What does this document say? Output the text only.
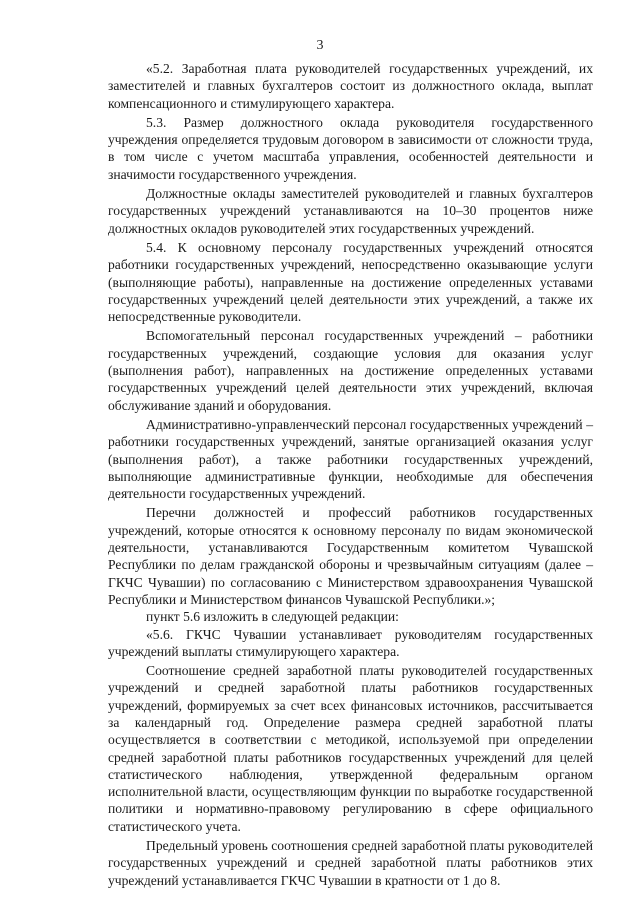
3

«5.2. Заработная плата руководителей государственных учреждений, их заместителей и главных бухгалтеров состоит из должностного оклада, выплат компенсационного и стимулирующего характера.

5.3. Размер должностного оклада руководителя государственного учреждения определяется трудовым договором в зависимости от сложности труда, в том числе с учетом масштаба управления, особенностей деятельности и значимости государственного учреждения.

Должностные оклады заместителей руководителей и главных бухгалтеров государственных учреждений устанавливаются на 10–30 процентов ниже должностных окладов руководителей этих государственных учреждений.

5.4. К основному персоналу государственных учреждений относятся работники государственных учреждений, непосредственно оказывающие услуги (выполняющие работы), направленные на достижение определенных уставами государственных учреждений целей деятельности этих учреждений, а также их непосредственные руководители.

Вспомогательный персонал государственных учреждений – работники государственных учреждений, создающие условия для оказания услуг (выполнения работ), направленных на достижение определенных уставами государственных учреждений целей деятельности этих учреждений, включая обслуживание зданий и оборудования.

Административно-управленческий персонал государственных учреждений – работники государственных учреждений, занятые организацией оказания услуг (выполнения работ), а также работники государственных учреждений, выполняющие административные функции, необходимые для обеспечения деятельности государственных учреждений.

Перечни должностей и профессий работников государственных учреждений, которые относятся к основному персоналу по видам экономической деятельности, устанавливаются Государственным комитетом Чувашской Республики по делам гражданской обороны и чрезвычайным ситуациям (далее – ГКЧС Чувашии) по согласованию с Министерством здравоохранения Чувашской Республики и Министерством финансов Чувашской Республики.»;

пункт 5.6 изложить в следующей редакции:

«5.6. ГКЧС Чувашии устанавливает руководителям государственных учреждений выплаты стимулирующего характера.

Соотношение средней заработной платы руководителей государственных учреждений и средней заработной платы работников государственных учреждений, формируемых за счет всех финансовых источников, рассчитывается за календарный год. Определение размера средней заработной платы осуществляется в соответствии с методикой, используемой при определении средней заработной платы работников государственных учреждений для целей статистического наблюдения, утвержденной федеральным органом исполнительной власти, осуществляющим функции по выработке государственной политики и нормативно-правовому регулированию в сфере официального статистического учета.

Предельный уровень соотношения средней заработной платы руководителей государственных учреждений и средней заработной платы работников этих учреждений устанавливается ГКЧС Чувашии в кратности от 1 до 8.
